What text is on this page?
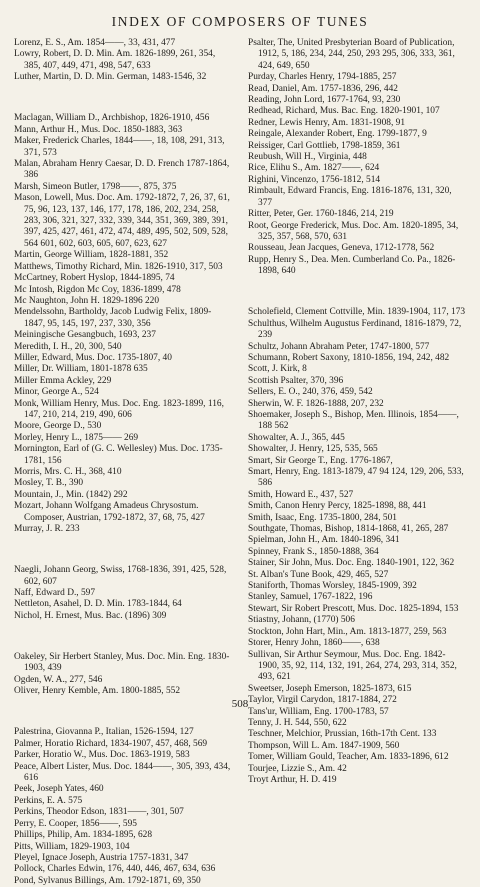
INDEX OF COMPOSERS OF TUNES

Lorenz, E. S., Am. 1854——, 33, 431, 477

Lowry, Robert, D. D. Min. Am. 1826-1899, 261, 354, 385, 407, 449, 471, 498, 547, 633

Luther, Martin, D. D. Min. German, 1483-1546, 32

Maclagan, William D., Archbishop, 1826-1910, 456

Mann, Arthur H., Mus. Doc. 1850-1883, 363

Maker, Frederick Charles, 1844——, 18, 108, 291, 313, 371, 573

Malan, Abraham Henry Caesar, D. D. French 1787-1864, 386

Marsh, Simeon Butler, 1798——, 875, 375

Mason, Lowell, Mus. Doc. Am. 1792-1872, 7, 26, 37, 61, 75, 96, 123, 137, 146, 177, 178, 186, 202, 234, 258, 283, 306, 321, 327, 332, 339, 344, 351, 369, 389, 391, 397, 425, 427, 461, 472, 474, 489, 495, 502, 509, 528, 564 601, 602, 603, 605, 607, 623, 627

Martin, George William, 1828-1881, 352

Matthews, Timothy Richard, Min. 1826-1910, 317, 503

McCartney, Robert Hyslop, 1844-1895, 74

Mc Intosh, Rigdon Mc Coy, 1836-1899, 478

Mc Naughton, John H. 1829-1896 220

Mendelssohn, Bartholdy, Jacob Ludwig Felix, 1809-1847, 95, 145, 197, 237, 330, 356

Meiningische Gesangbuch, 1693, 237

Meredith, I. H., 20, 300, 540

Miller, Edward, Mus. Doc. 1735-1807, 40

Miller, Dr. William, 1801-1878 635

Miller Emma Ackley, 229

Minor, George A., 524

Monk, William Henry, Mus. Doc. Eng. 1823-1899, 116, 147, 210, 214, 219, 490, 606

Moore, George D., 530

Morley, Henry L., 1875—— 269

Mornington, Earl of (G. C. Wellesley) Mus. Doc. 1735-1781, 156

Morris, Mrs. C. H., 368, 410

Mosley, T. B., 390

Mountain, J., Min. (1842) 292

Mozart, Johann Wolfgang Amadeus Chrysostum. Composer, Austrian, 1792-1872, 37, 68, 75, 427

Murray, J. R. 233

Naegli, Johann Georg, Swiss, 1768-1836, 391, 425, 528, 602, 607

Naff, Edward D., 597

Nettleton, Asahel, D. D. Min. 1783-1844, 64

Nichol, H. Ernest, Mus. Bac. (1896) 309

Oakeley, Sir Herbert Stanley, Mus. Doc. Min. Eng. 1830-1903, 439

Ogden, W. A., 277, 546

Oliver, Henry Kemble, Am. 1800-1885, 552

Palestrina, Giovanna P., Italian, 1526-1594, 127

Palmer, Horatio Richard, 1834-1907, 457, 468, 569

Parker, Horatio W., Mus. Doc. 1863-1919, 583

Peace, Albert Lister, Mus. Doc. 1844——, 305, 393, 434, 616

Peek, Joseph Yates, 460

Perkins, E. A. 575

Perkins, Theodor Edson, 1831——, 301, 507

Perry, E. Cooper, 1856——, 595

Phillips, Philip, Am. 1834-1895, 628

Pitts, William, 1829-1903, 104

Pleyel, Ignace Joseph, Austria 1757-1831, 347

Pollock, Charles Edwin, 176, 440, 446, 467, 634, 636

Pond, Sylvanus Billings, Am. 1792-1871, 69, 350

Psalter, The, United Presbyterian Board of Publication, 1912, 5, 186, 234, 244, 250, 293 295, 306, 333, 361, 424, 649, 650

Purday, Charles Henry, 1794-1885, 257

Read, Daniel, Am. 1757-1836, 296, 442

Reading, John Lord, 1677-1764, 93, 230

Redhead, Richard, Mus. Bac. Eng. 1820-1901, 107

Redner, Lewis Henry, Am. 1831-1908, 91

Reingale, Alexander Robert, Eng. 1799-1877, 9

Reissiger, Carl Gottlieb, 1798-1859, 361

Reubush, Will H., Virginia, 448

Rice, Elihu S., Am. 1827——, 624

Righini, Vincenzo, 1756-1812, 514

Rimbault, Edward Francis, Eng. 1816-1876, 131, 320, 377

Ritter, Peter, Ger. 1760-1846, 214, 219

Root, George Frederick, Mus. Doc. Am. 1820-1895, 34, 325, 357, 568, 570, 631

Rousseau, Jean Jacques, Geneva, 1712-1778, 562

Rupp, Henry S., Dea. Men. Cumberland Co. Pa., 1826-1898, 640

Scholefield, Clement Cottville, Min. 1839-1904, 117, 173

Schulthus, Wilhelm Augustus Ferdinand, 1816-1879, 72, 239

Schultz, Johann Abraham Peter, 1747-1800, 577

Schumann, Robert Saxony, 1810-1856, 194, 242, 482

Scott, J. Kirk, 8

Scottish Psalter, 370, 396

Sellers, E. O., 240, 376, 459, 542

Sherwin, W. F. 1826-1888, 207, 232

Shoemaker, Joseph S., Bishop, Men. Illinois, 1854——, 188 562

Showalter, A. J., 365, 445

Showalter, J. Henry, 125, 535, 565

Smart, Sir George T., Eng. 1776-1867,

Smart, Henry, Eng. 1813-1879, 47 94 124, 129, 206, 533, 586

Smith, Howard E., 437, 527

Smith, Canon Henry Percy, 1825-1898, 88, 441

Smith, Isaac, Eng. 1735-1800, 284, 501

Southgate, Thomas, Bishop, 1814-1868, 41, 265, 287

Spielman, John H., Am. 1840-1896, 341

Spinney, Frank S., 1850-1888, 364

Stainer, Sir John, Mus. Doc. Eng. 1840-1901, 122, 362

St. Alban's Tune Book, 429, 465, 527

Staniforth, Thomas Worsley, 1845-1909, 392

Stanley, Samuel, 1767-1822, 196

Stewart, Sir Robert Prescott, Mus. Doc. 1825-1894, 153

Stiastny, Johann, (1770) 506

Stockton, John Hart, Min., Am. 1813-1877, 259, 563

Storer, Henry John, 1860——, 638

Sullivan, Sir Arthur Seymour, Mus. Doc. Eng. 1842-1900, 35, 92, 114, 132, 191, 264, 274, 293, 314, 352, 493, 621

Sweetser, Joseph Emerson, 1825-1873, 615

Taylor, Virgil Carydon, 1817-1884, 272

Tans'ur, William, Eng. 1700-1783, 57

Tenny, J. H. 544, 550, 622

Teschner, Melchior, Prussian, 16th-17th Cent. 133

Thompson, Will L. Am. 1847-1909, 560

Tomer, William Gould, Teacher, Am. 1833-1896, 612

Tourjee, Lizzie S., Am. 42

Troyt Arthur, H. D. 419

508
